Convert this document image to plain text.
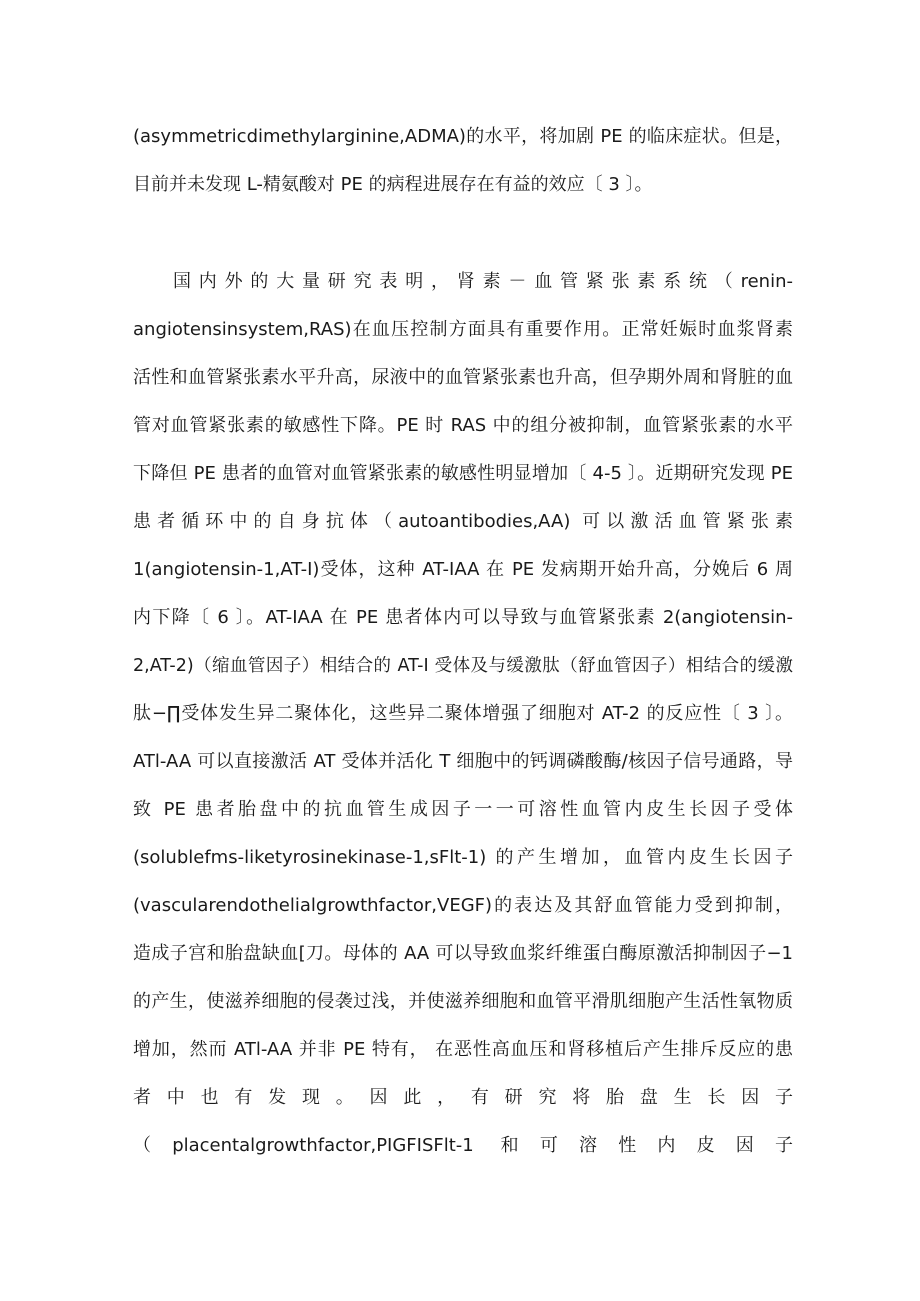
(asymmetricdimethylarginine,ADMA)的水平，将加剧 PE 的临床症状。但是，
目前并未发现 L-精氨酸对 PE 的病程进展存在有益的效应〔 3 〕。
国内外的大量研究表明，肾素－血管紧张素系统（renin-
angiotensinsystem,RAS)在血压控制方面具有重要作用。正常妊娠时血浆肾素
活性和血管紧张素水平升高，尿液中的血管紧张素也升高，但孕期外周和肾脏的血
管对血管紧张素的敏感性下降。PE 时 RAS 中的组分被抑制，血管紧张素的水平
下降但 PE 患者的血管对血管紧张素的敏感性明显增加〔 4-5 〕。近期研究发现 PE
患者循环中的自身抗体（autoantibodies,AA) 可以激活血管紧张素
1(angiotensin-1,AT-I)受体，这种 AT-IAA 在 PE 发病期开始升高，分娩后 6 周
内下降〔 6 〕。AT-IAA 在 PE 患者体内可以导致与血管紧张素 2(angiotensin-
2,AT-2)（缩血管因子）相结合的 AT-I 受体及与缓激肽（舒血管因子）相结合的缓激
肽−∏受体发生异二聚体化，这些异二聚体增强了细胞对 AT-2 的反应性〔 3 〕。
ATl-AA 可以直接激活 AT 受体并活化 T 细胞中的钙调磷酸酶/核因子信号通路，导
致 PE 患者胎盘中的抗血管生成因子一一可溶性血管内皮生长因子受体
(solublefms-liketyrosinekinase-1,sFlt-1) 的产生增加，血管内皮生长因子
(vascularendothelialgrowthfactor,VEGF)的表达及其舒血管能力受到抑制，
造成子宫和胎盘缺血[刀。母体的 AA 可以导致血浆纤维蛋白酶原激活抑制因子−1
的产生，使滋养细胞的侵袭过浅，并使滋养细胞和血管平滑肌细胞产生活性氧物质
增加，然而 ATl-AA 并非 PE 特有， 在恶性高血压和肾移植后产生排斥反应的患
者中也有发现。因此，有研究将胎盘生长因子
（placentalgrowthfactor,PIGFISFlt-1 和可溶性内皮因子
